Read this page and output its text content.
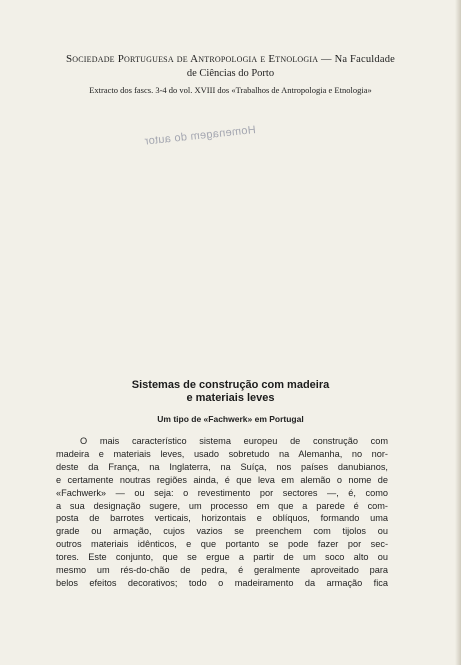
Sociedade Portuguesa de Antropologia e Etnologia — Na Faculdade
de Ciências do Porto
Extracto dos fascs. 3-4 do vol. XVIII dos «Trabalhos de Antropologia e Etnologia»
Homenagem do autor
Sistemas de construção com madeira
e materiais leves
Um tipo de «Fachwerk» em Portugal
O mais característico sistema europeu de construção com
madeira e materiais leves, usado sobretudo na Alemanha, no nor-
deste da França, na Inglaterra, na Suíça, nos países danubianos,
e certamente noutras regiões ainda, é que leva em alemão o nome de
«Fachwerk» — ou seja: o revestimento por sectores —, é, como
a sua designação sugere, um processo em que a parede é com-
posta de barrotes verticais, horizontais e oblíquos, formando uma
grade ou armação, cujos vazios se preenchem com tijolos ou
outros materiais idênticos, e que portanto se pode fazer por sec-
tores. Este conjunto, que se ergue a partir de um soco alto ou
mesmo um rés-do-chão de pedra, é geralmente aproveitado para
belos efeitos decorativos; todo o madeiramento da armação fica
